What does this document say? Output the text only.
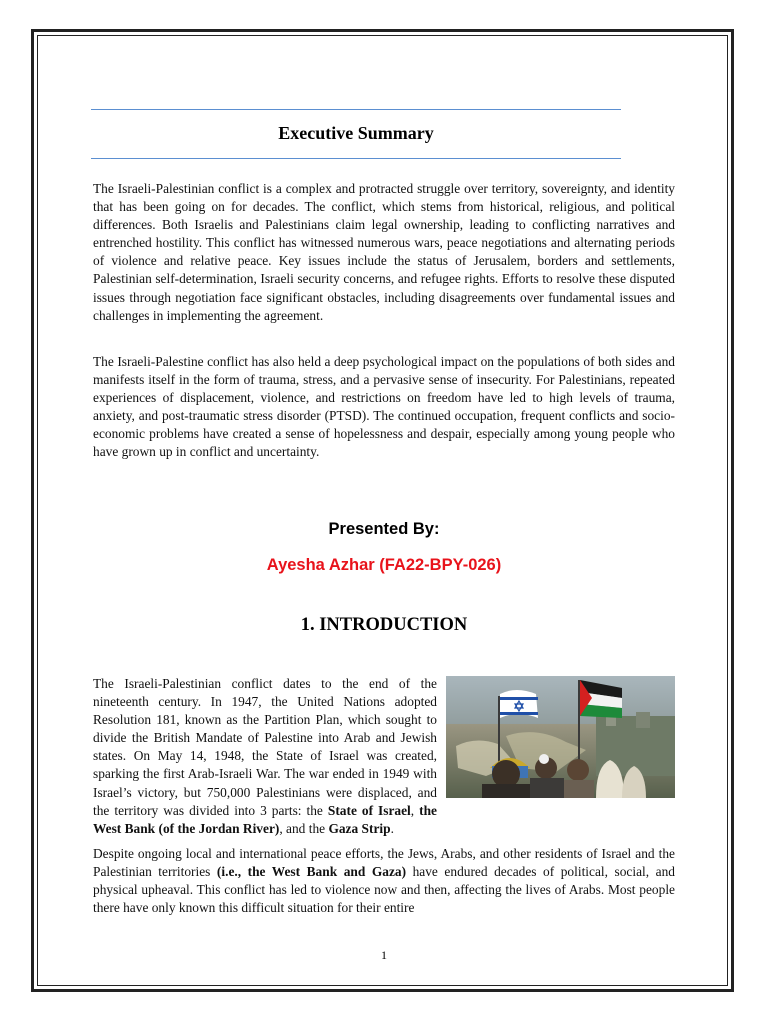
Executive Summary

The Israeli-Palestinian conflict is a complex and protracted struggle over territory, sovereignty, and identity that has been going on for decades. The conflict, which stems from historical, religious, and political differences. Both Israelis and Palestinians claim legal ownership, leading to conflicting narratives and entrenched hostility. This conflict has witnessed numerous wars, peace negotiations and alternating periods of violence and relative peace. Key issues include the status of Jerusalem, borders and settlements, Palestinian self-determination, Israeli security concerns, and refugee rights. Efforts to resolve these disputed issues through negotiation face significant obstacles, including disagreements over fundamental issues and challenges in implementing the agreement.

The Israeli-Palestine conflict has also held a deep psychological impact on the populations of both sides and manifests itself in the form of trauma, stress, and a pervasive sense of insecurity. For Palestinians, repeated experiences of displacement, violence, and restrictions on freedom have led to high levels of trauma, anxiety, and post-traumatic stress disorder (PTSD). The continued occupation, frequent conflicts and socio-economic problems have created a sense of hopelessness and despair, especially among young people who have grown up in conflict and uncertainty.

Presented By:
Ayesha Azhar (FA22-BPY-026)
1. INTRODUCTION
The Israeli-Palestinian conflict dates to the end of the nineteenth century. In 1947, the United Nations adopted Resolution 181, known as the Partition Plan, which sought to divide the British Mandate of Palestine into Arab and Jewish states. On May 14, 1948, the State of Israel was created, sparking the first Arab-Israeli War. The war ended in 1949 with Israel’s victory, but 750,000 Palestinians were displaced, and the territory was divided into 3 parts: the State of Israel, the West Bank (of the Jordan River), and the Gaza Strip.

Despite ongoing local and international peace efforts, the Jews, Arabs, and other residents of Israel and the Palestinian territories (i.e., the West Bank and Gaza) have endured decades of political, social, and physical upheaval. This conflict has led to violence now and then, affecting the lives of Arabs. Most people there have only known this difficult situation for their entire

1
